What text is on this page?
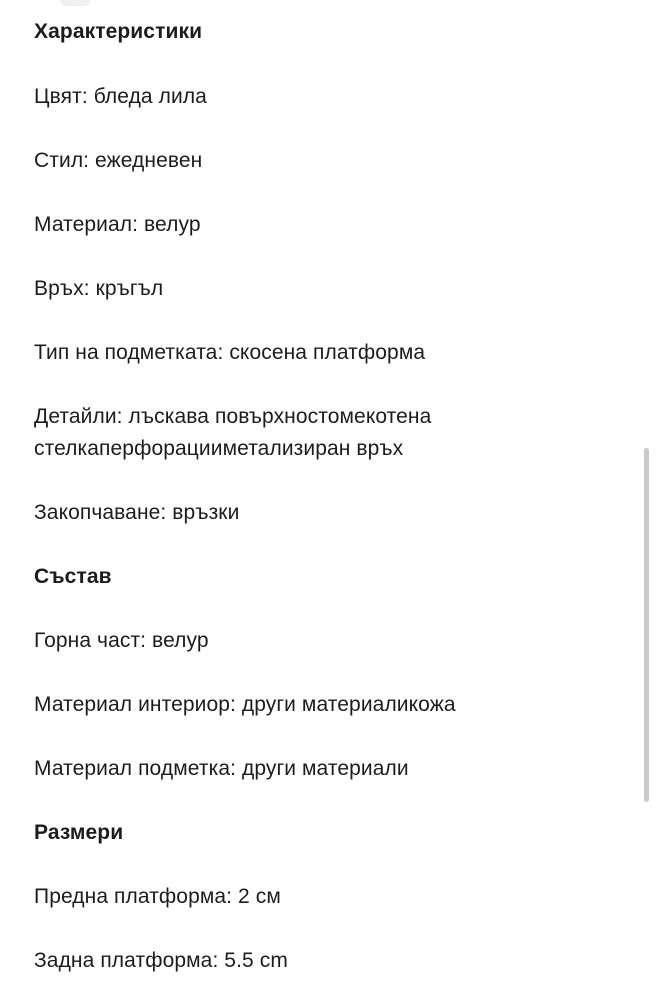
Характеристики
Цвят: бледа лила
Стил: ежедневен
Материал: велур
Връх: кръгъл
Тип на подметката: скосена платформа
Детайли: лъскава повърхностомекотена
стелкаперфорацииметализиран връх
Закопчаване: връзки
Състав
Горна част: велур
Материал интериор: други материаликожа
Материал подметка: други материали
Размери
Предна платформа: 2 см
Задна платформа: 5.5 cm
